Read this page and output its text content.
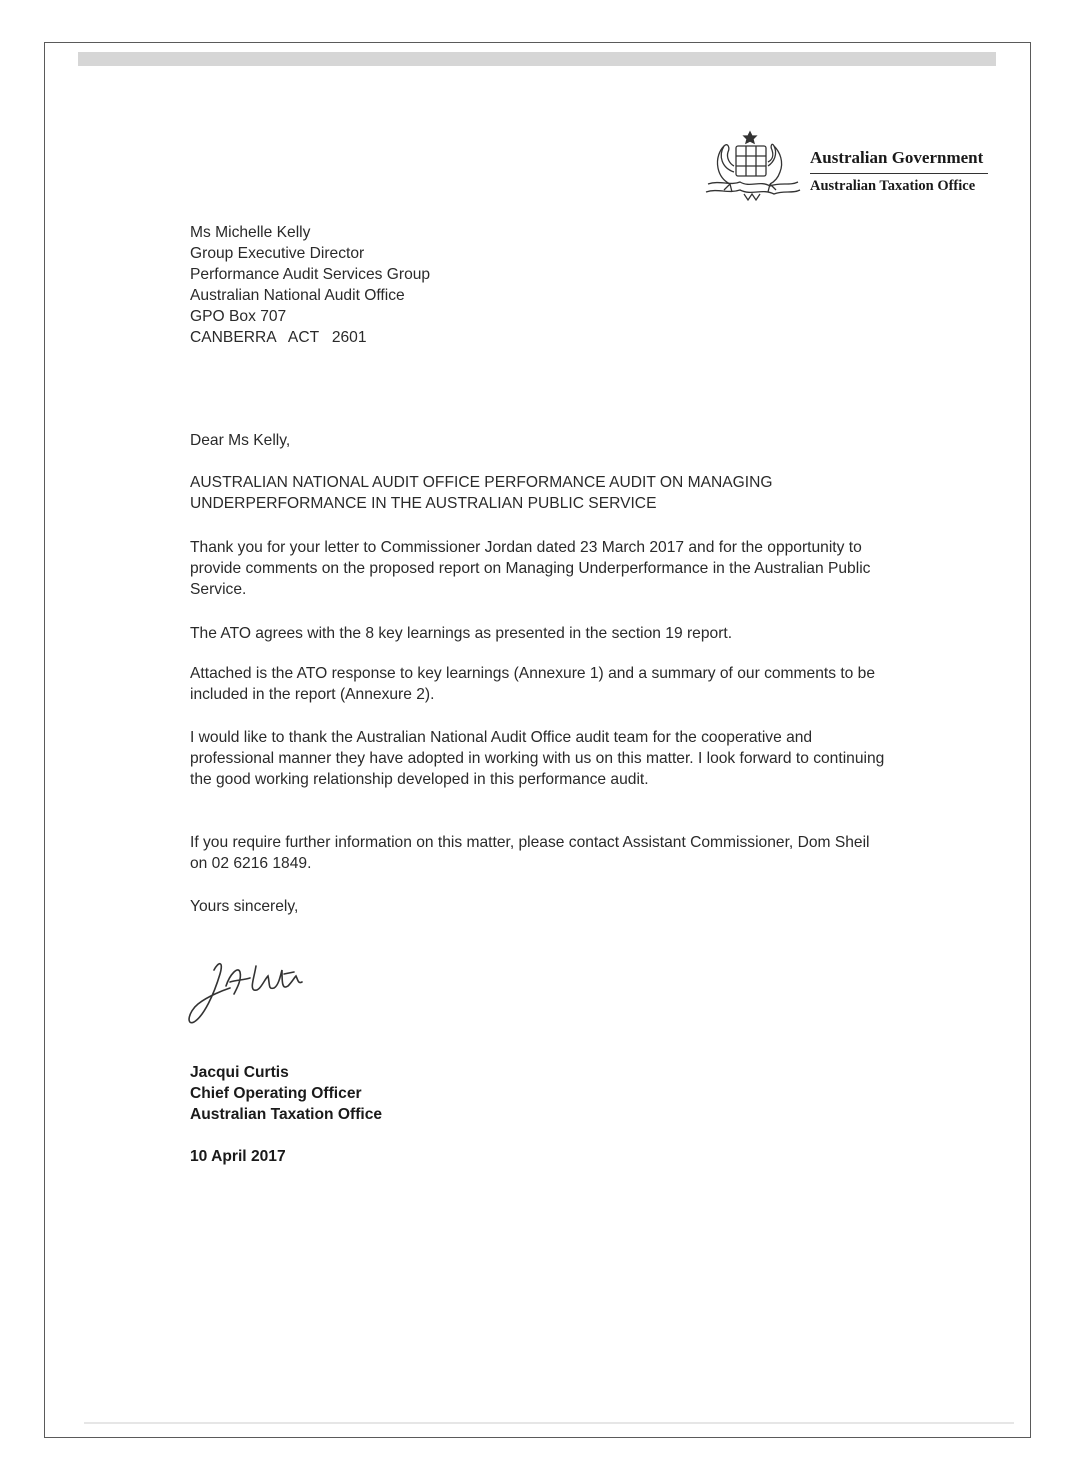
Australian Government
Australian Taxation Office
Ms Michelle Kelly
Group Executive Director
Performance Audit Services Group
Australian National Audit Office
GPO Box 707
CANBERRA   ACT   2601
Dear Ms Kelly,
AUSTRALIAN NATIONAL AUDIT OFFICE PERFORMANCE AUDIT ON MANAGING UNDERPERFORMANCE IN THE AUSTRALIAN PUBLIC SERVICE
Thank you for your letter to Commissioner Jordan dated 23 March 2017 and for the opportunity to provide comments on the proposed report on Managing Underperformance in the Australian Public Service.
The ATO agrees with the 8 key learnings as presented in the section 19 report.
Attached is the ATO response to key learnings (Annexure 1) and a summary of our comments to be included in the report (Annexure 2).
I would like to thank the Australian National Audit Office audit team for the cooperative and professional manner they have adopted in working with us on this matter. I look forward to continuing the good working relationship developed in this performance audit.
If you require further information on this matter, please contact Assistant Commissioner, Dom Sheil on 02 6216 1849.
Yours sincerely,
Jacqui Curtis
Chief Operating Officer
Australian Taxation Office
10 April 2017
